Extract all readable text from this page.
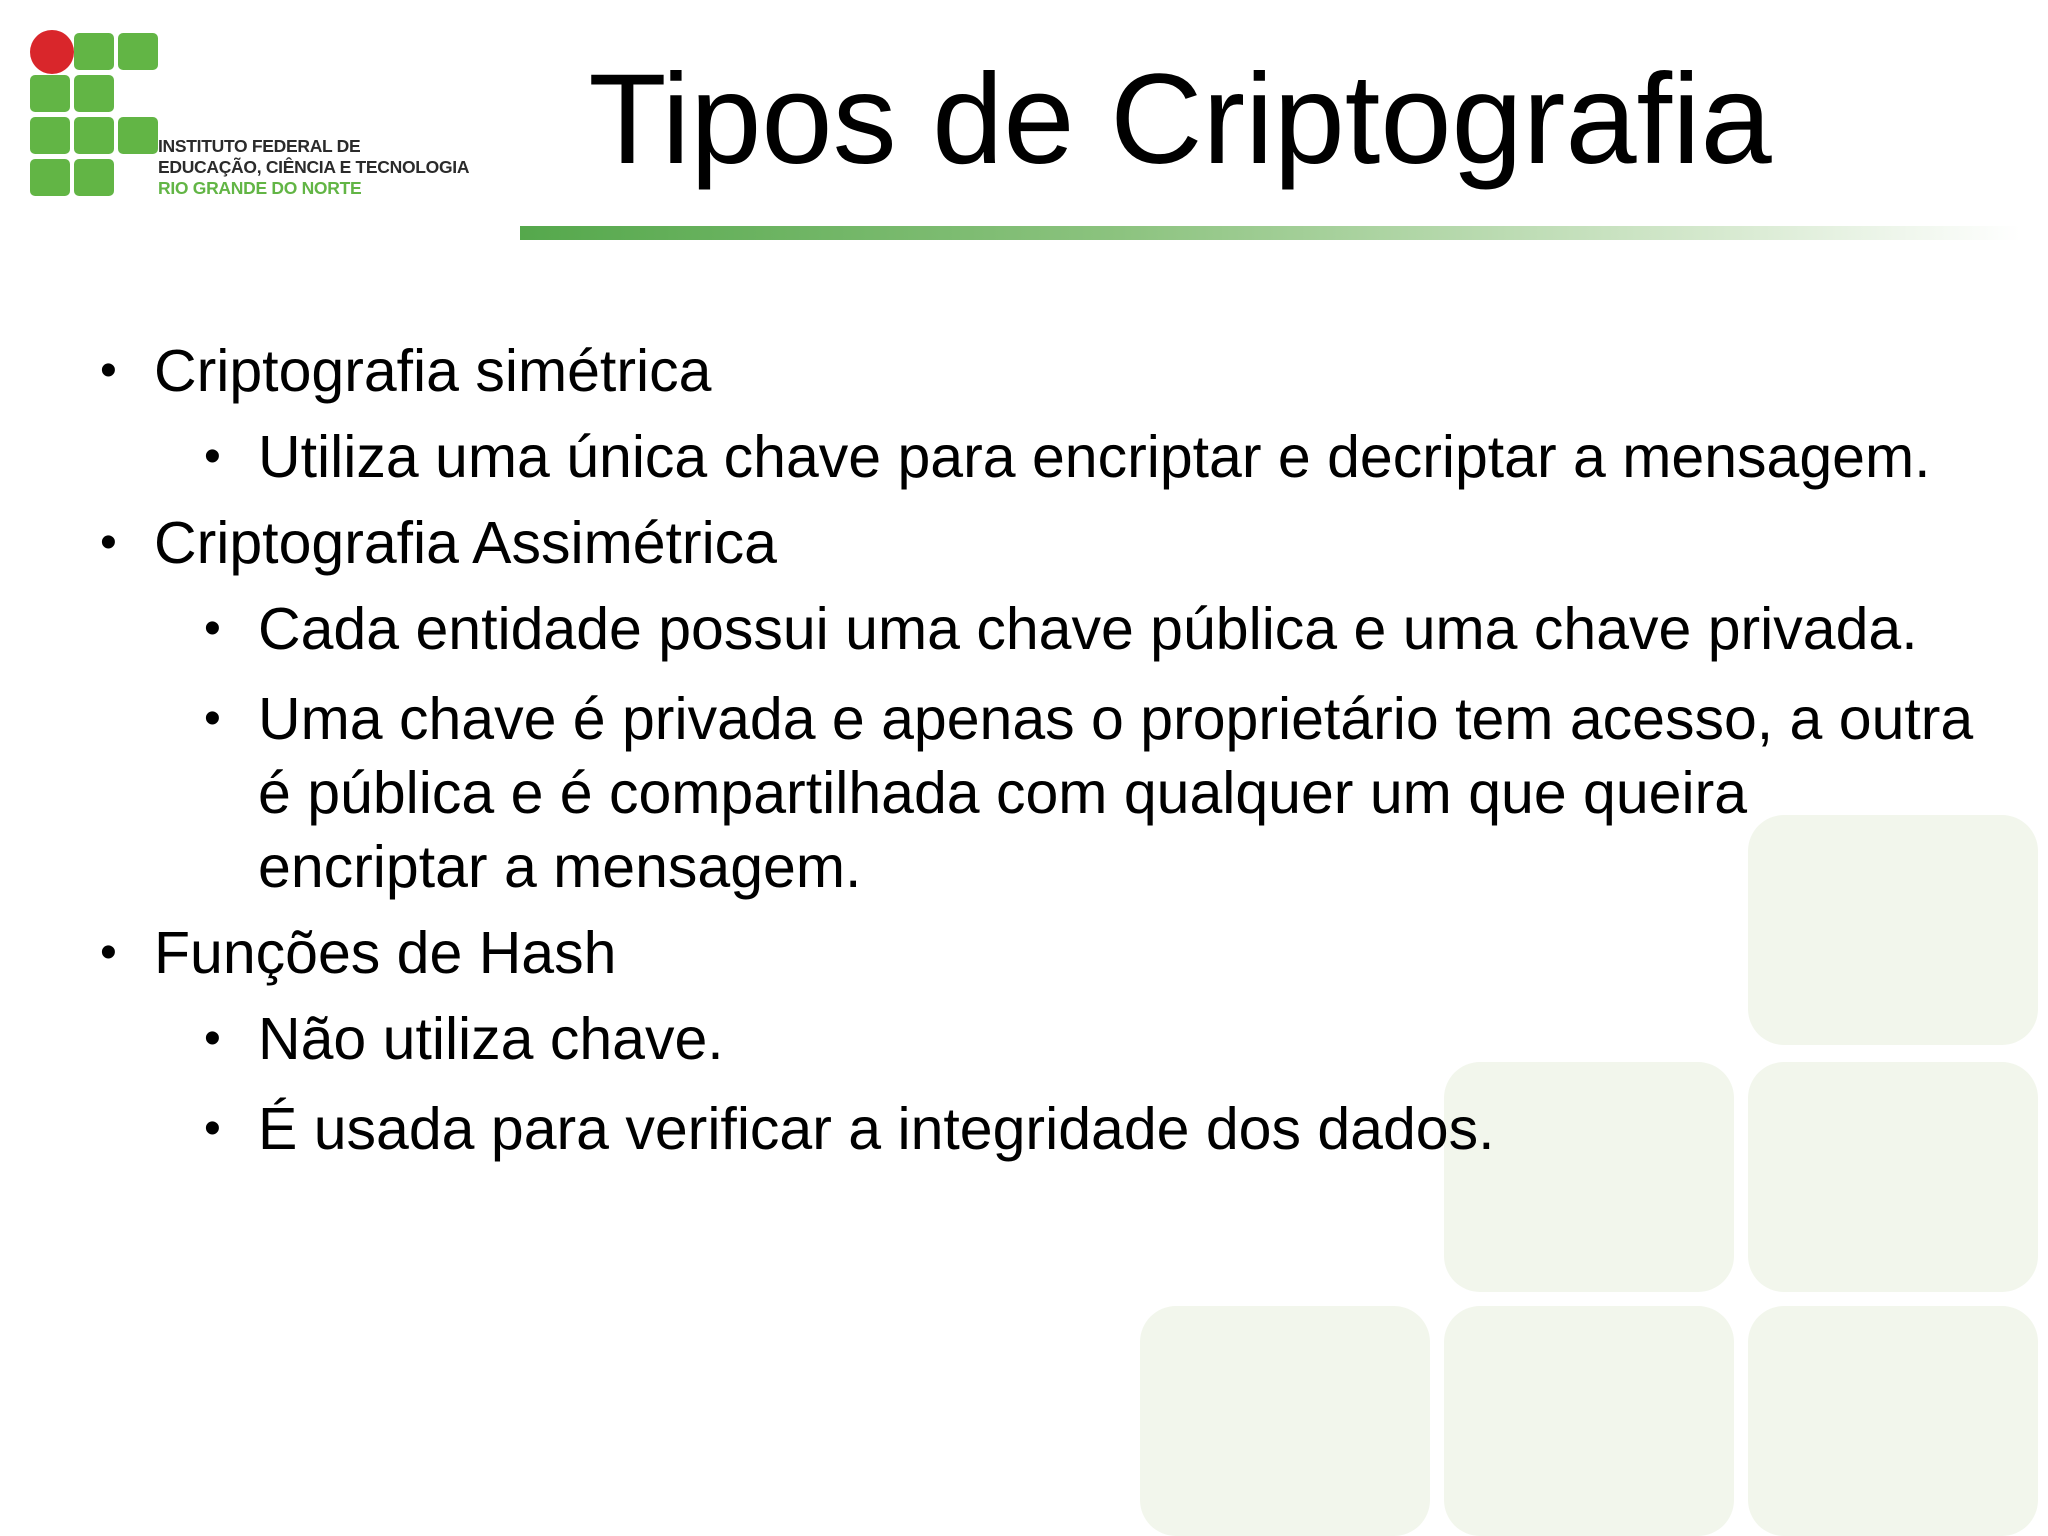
INSTITUTO FEDERAL DE
EDUCAÇÃO, CIÊNCIA E TECNOLOGIA
RIO GRANDE DO NORTE	Tipos de Criptografia
• Criptografia simétrica
• Utiliza uma única chave para encriptar e decriptar a mensagem.
• Criptografia Assimétrica
• Cada entidade possui uma chave pública e uma chave privada.
• Uma chave é privada e apenas o proprietário tem acesso, a outra é pública e é compartilhada com qualquer um que queira encriptar a mensagem.
• Funções de Hash
• Não utiliza chave.
• É usada para verificar a integridade dos dados.
